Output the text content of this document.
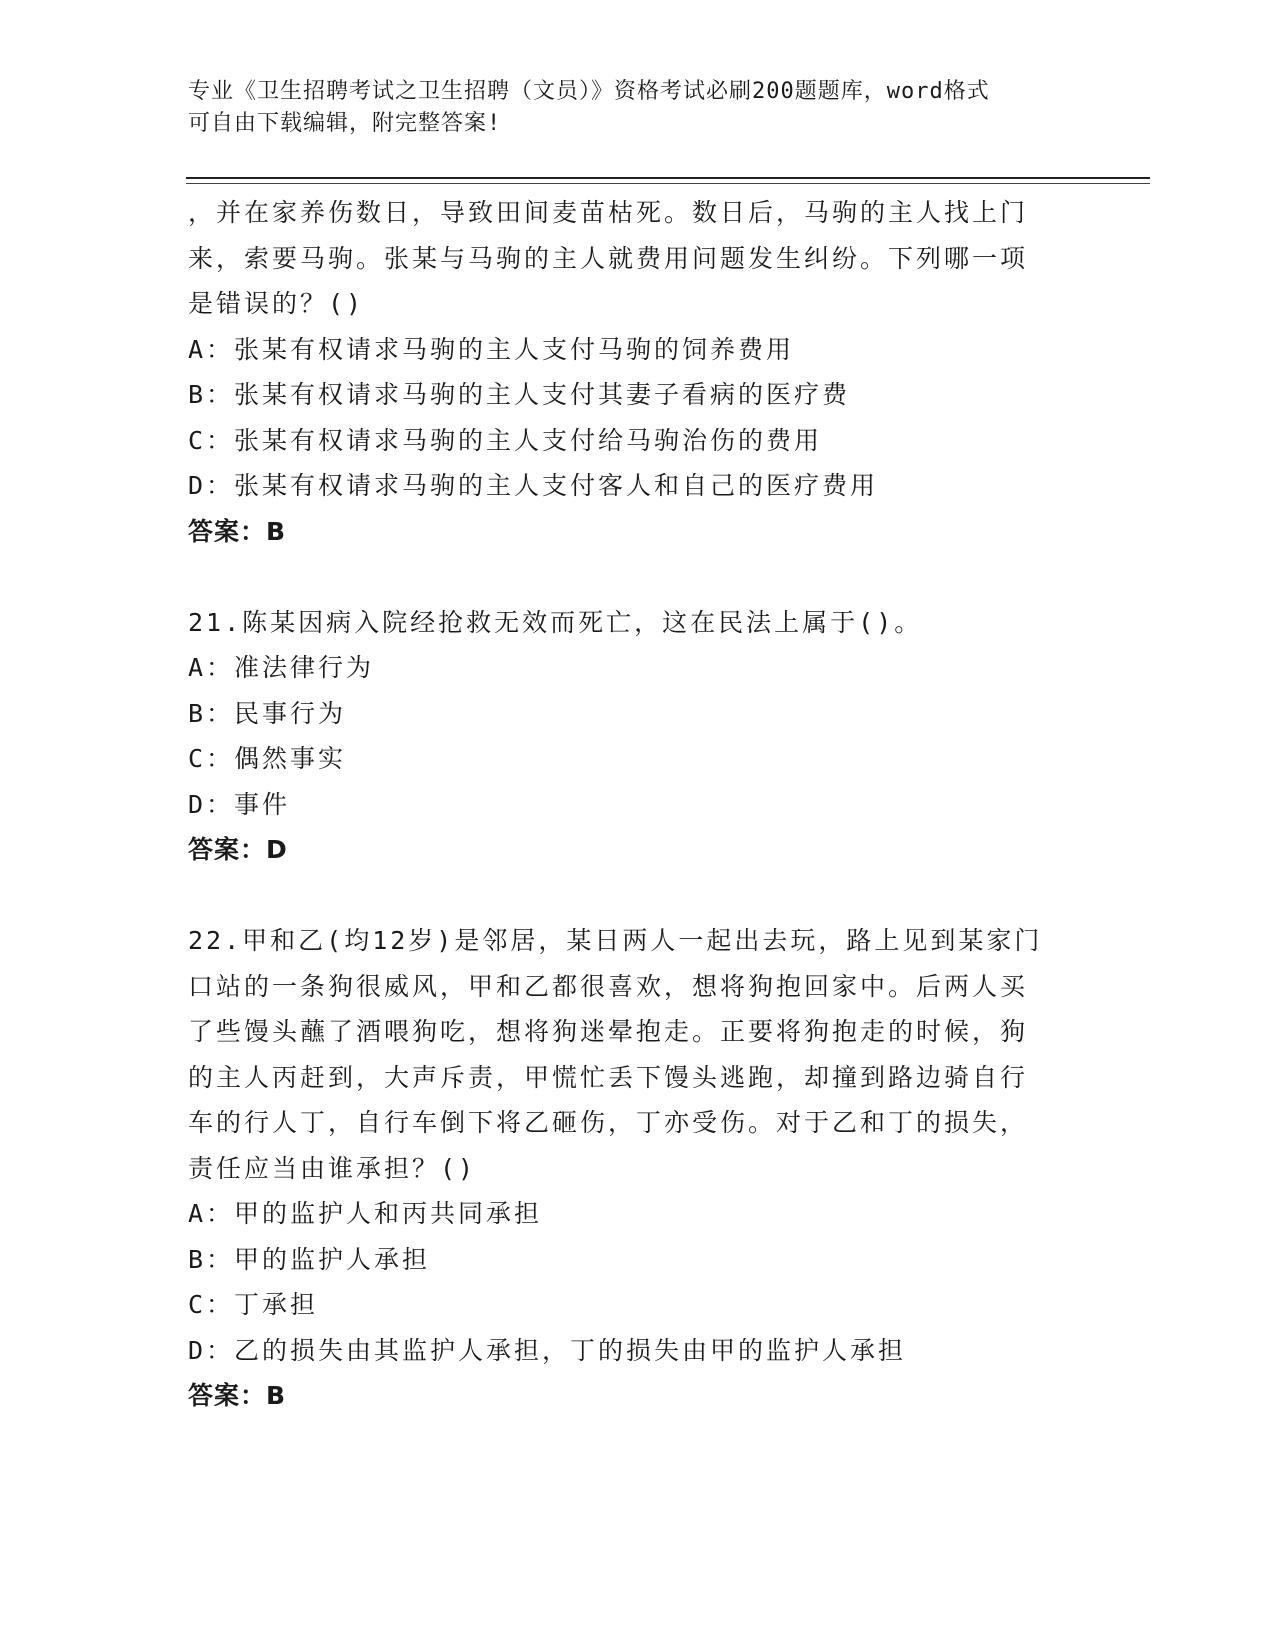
专业《卫生招聘考试之卫生招聘（文员）》资格考试必刷200题题库，word格式
可自由下载编辑，附完整答案!
，并在家养伤数日，导致田间麦苗枯死。数日后，马驹的主人找上门
来，索要马驹。张某与马驹的主人就费用问题发生纠纷。下列哪一项
是错误的？()
A：张某有权请求马驹的主人支付马驹的饲养费用
B：张某有权请求马驹的主人支付其妻子看病的医疗费
C：张某有权请求马驹的主人支付给马驹治伤的费用
D：张某有权请求马驹的主人支付客人和自己的医疗费用
答案：B
21.陈某因病入院经抢救无效而死亡，这在民法上属于()。
A：准法律行为
B：民事行为
C：偶然事实
D：事件
答案：D
22.甲和乙(均12岁)是邻居，某日两人一起出去玩，路上见到某家门
口站的一条狗很威风，甲和乙都很喜欢，想将狗抱回家中。后两人买
了些馒头蘸了酒喂狗吃，想将狗迷晕抱走。正要将狗抱走的时候，狗
的主人丙赶到，大声斥责，甲慌忙丢下馒头逃跑，却撞到路边骑自行
车的行人丁，自行车倒下将乙砸伤，丁亦受伤。对于乙和丁的损失，
责任应当由谁承担？()
A：甲的监护人和丙共同承担
B：甲的监护人承担
C：丁承担
D：乙的损失由其监护人承担，丁的损失由甲的监护人承担
答案：B
